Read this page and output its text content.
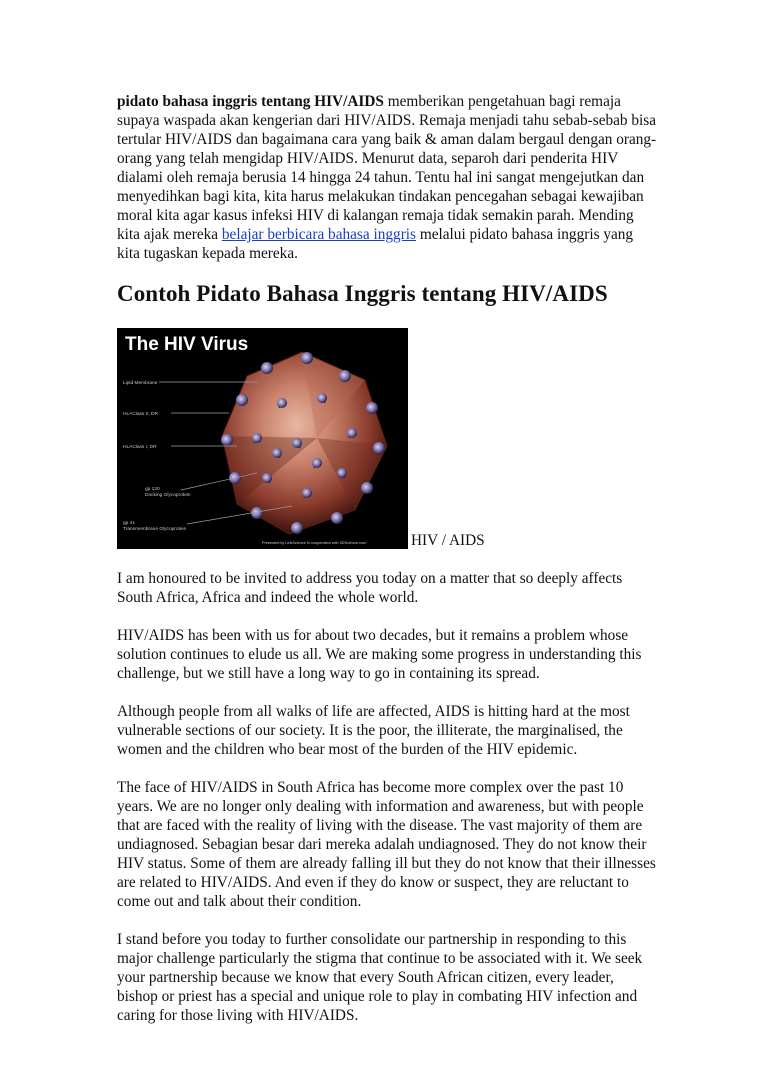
pidato bahasa inggris tentang HIV/AIDS memberikan pengetahuan bagi remaja supaya waspada akan kengerian dari HIV/AIDS. Remaja menjadi tahu sebab-sebab bisa tertular HIV/AIDS dan bagaimana cara yang baik & aman dalam bergaul dengan orang-orang yang telah mengidap HIV/AIDS. Menurut data, separoh dari penderita HIV dialami oleh remaja berusia 14 hingga 24 tahun. Tentu hal ini sangat mengejutkan dan menyedihkan bagi kita, kita harus melakukan tindakan pencegahan sebagai kewajiban moral kita agar kasus infeksi HIV di kalangan remaja tidak semakin parah. Mending kita ajak mereka belajar berbicara bahasa inggris melalui pidato bahasa inggris yang kita tugaskan kepada mereka.

Contoh Pidato Bahasa Inggris tentang HIV/AIDS
The HIV Virus
Lipid Membrane
HLAClass II, DR
HLAClass I, DR
gp 120 Docking Glycoprotein
gp 41 Transmembrane Glycoprotein
Presented by LinkScience in cooperation with 3DScience.com	HIV / AIDS

I am honoured to be invited to address you today on a matter that so deeply affects South Africa, Africa and indeed the whole world.

HIV/AIDS has been with us for about two decades, but it remains a problem whose solution continues to elude us all. We are making some progress in understanding this challenge, but we still have a long way to go in containing its spread.

Although people from all walks of life are affected, AIDS is hitting hard at the most vulnerable sections of our society. It is the poor, the illiterate, the marginalised, the women and the children who bear most of the burden of the HIV epidemic.

The face of HIV/AIDS in South Africa has become more complex over the past 10 years. We are no longer only dealing with information and awareness, but with people that are faced with the reality of living with the disease. The vast majority of them are undiagnosed. Sebagian besar dari mereka adalah undiagnosed. They do not know their HIV status. Some of them are already falling ill but they do not know that their illnesses are related to HIV/AIDS. And even if they do know or suspect, they are reluctant to come out and talk about their condition.

I stand before you today to further consolidate our partnership in responding to this major challenge particularly the stigma that continue to be associated with it. We seek your partnership because we know that every South African citizen, every leader, bishop or priest has a special and unique role to play in combating HIV infection and caring for those living with HIV/AIDS.
